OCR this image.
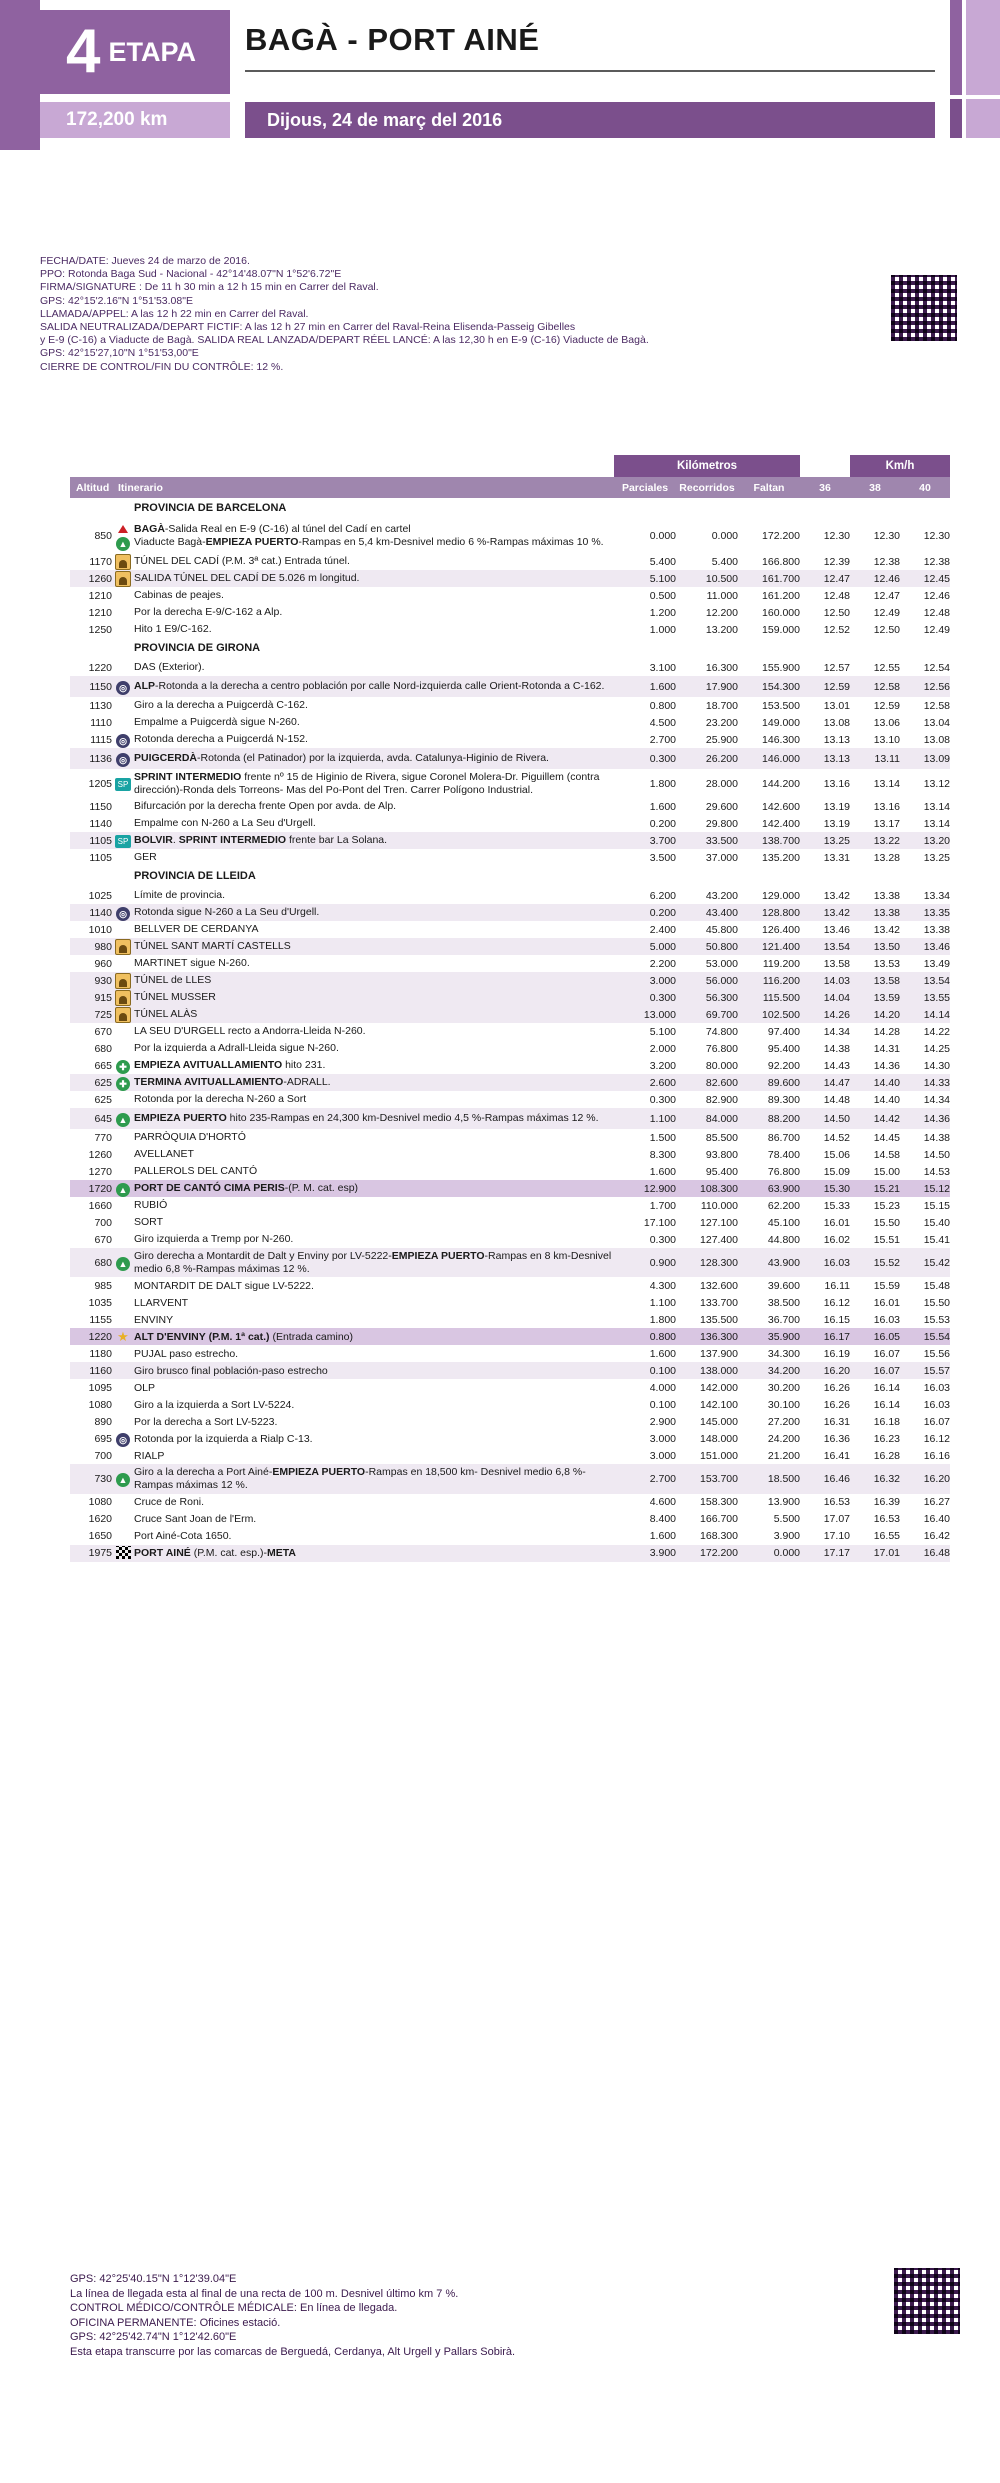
4 ETAPA
172,200 km
BAGÀ - PORT AINÉ
Dijous, 24 de març del 2016
FECHA/DATE: Jueves 24 de marzo de 2016.
PPO: Rotonda Baga Sud - Nacional - 42°14'48.07"N 1°52'6.72"E
FIRMA/SIGNATURE : De 11 h 30 min a 12 h 15 min en Carrer del Raval.
GPS: 42°15'2.16"N 1°51'53.08"E
LLAMADA/APPEL: A las 12 h 22 min en Carrer del Raval.
SALIDA NEUTRALIZADA/DEPART FICTIF: A las 12 h 27 min en Carrer del Raval-Reina Elisenda-Passeig Gibelles
y E-9 (C-16) a Viaducte de Bagà. SALIDA REAL LANZADA/DEPART RÉEL LANCÉ: A las 12,30 h en E-9 (C-16) Viaducte de Bagà.
GPS: 42°15'27,10"N 1°51'53,00"E
CIERRE DE CONTROL/FIN DU CONTRÔLE: 12 %.
			Kilómetros				Km/h	
Altitud	Itinerario		Parciales	Recorridos	Faltan	36	38	40
		PROVINCIA DE BARCELONA						
850	▲	BAGÀ-Salida Real en E-9 (C-16) al túnel del Cadí en cartel
Viaducte Bagà-EMPIEZA PUERTO-Rampas en 5,4 km-Desnivel medio 6 %-Rampas máximas 10 %.	0.000	0.000	172.200	12.30	12.30	12.30
1170		TÚNEL DEL CADÍ (P.M. 3ª cat.) Entrada túnel.	5.400	5.400	166.800	12.39	12.38	12.38
1260		SALIDA TÚNEL DEL CADÍ DE 5.026 m longitud.	5.100	10.500	161.700	12.47	12.46	12.45
1210		Cabinas de peajes.	0.500	11.000	161.200	12.48	12.47	12.46
1210		Por la derecha E-9/C-162 a Alp.	1.200	12.200	160.000	12.50	12.49	12.48
1250		Hito 1 E9/C-162.	1.000	13.200	159.000	12.52	12.50	12.49
		PROVINCIA DE GIRONA						
1220		DAS (Exterior).	3.100	16.300	155.900	12.57	12.55	12.54
1150	◎	ALP-Rotonda a la derecha a centro población por calle Nord-izquierda calle Orient-Rotonda a C-162.	1.600	17.900	154.300	12.59	12.58	12.56
1130		Giro a la derecha a Puigcerdà C-162.	0.800	18.700	153.500	13.01	12.59	12.58
1110		Empalme a Puigcerdà sigue N-260.	4.500	23.200	149.000	13.08	13.06	13.04
1115	◎	Rotonda derecha a Puigcerdá N-152.	2.700	25.900	146.300	13.13	13.10	13.08
1136	◎	PUIGCERDÀ-Rotonda (el Patinador) por la izquierda, avda. Catalunya-Higinio de Rivera.	0.300	26.200	146.000	13.13	13.11	13.09
1205	SP	SPRINT INTERMEDIO frente nº 15 de Higinio de Rivera, sigue Coronel Molera-Dr. Piguillem (contra dirección)-Ronda dels Torreons- Mas del Po-Pont del Tren. Carrer Polígono Industrial.	1.800	28.000	144.200	13.16	13.14	13.12
1150		Bifurcación por la derecha frente Open por avda. de Alp.	1.600	29.600	142.600	13.19	13.16	13.14
1140		Empalme con N-260 a La Seu d'Urgell.	0.200	29.800	142.400	13.19	13.17	13.14
1105	SP	BOLVIR. SPRINT INTERMEDIO frente bar La Solana.	3.700	33.500	138.700	13.25	13.22	13.20
1105		GER	3.500	37.000	135.200	13.31	13.28	13.25
		PROVINCIA DE LLEIDA						
1025		Límite de provincia.	6.200	43.200	129.000	13.42	13.38	13.34
1140	◎	Rotonda sigue N-260 a La Seu d'Urgell.	0.200	43.400	128.800	13.42	13.38	13.35
1010		BELLVER DE CERDANYA	2.400	45.800	126.400	13.46	13.42	13.38
980		TÚNEL SANT MARTÍ CASTELLS	5.000	50.800	121.400	13.54	13.50	13.46
960		MARTINET sigue N-260.	2.200	53.000	119.200	13.58	13.53	13.49
930		TÚNEL de LLES	3.000	56.000	116.200	14.03	13.58	13.54
915		TÚNEL MUSSER	0.300	56.300	115.500	14.04	13.59	13.55
725		TÚNEL ALÀS	13.000	69.700	102.500	14.26	14.20	14.14
670		LA SEU D'URGELL recto a Andorra-Lleida N-260.	5.100	74.800	97.400	14.34	14.28	14.22
680		Por la izquierda a Adrall-Lleida sigue N-260.	2.000	76.800	95.400	14.38	14.31	14.25
665	✚	EMPIEZA AVITUALLAMIENTO hito 231.	3.200	80.000	92.200	14.43	14.36	14.30
625	✚	TERMINA AVITUALLAMIENTO-ADRALL.	2.600	82.600	89.600	14.47	14.40	14.33
625		Rotonda por la derecha N-260 a Sort	0.300	82.900	89.300	14.48	14.40	14.34
645	▲	EMPIEZA PUERTO hito 235-Rampas en 24,300 km-Desnivel medio 4,5 %-Rampas máximas 12 %.	1.100	84.000	88.200	14.50	14.42	14.36
770		PARRÒQUIA D'HORTÓ	1.500	85.500	86.700	14.52	14.45	14.38
1260		AVELLANET	8.300	93.800	78.400	15.06	14.58	14.50
1270		PALLEROLS DEL CANTÓ	1.600	95.400	76.800	15.09	15.00	14.53
1720	▲	PORT DE CANTÓ CIMA PERIS-(P. M. cat. esp)	12.900	108.300	63.900	15.30	15.21	15.12
1660		RUBIÓ	1.700	110.000	62.200	15.33	15.23	15.15
700		SORT	17.100	127.100	45.100	16.01	15.50	15.40
670		Giro izquierda a Tremp por N-260.	0.300	127.400	44.800	16.02	15.51	15.41
680	▲	Giro derecha a Montardit de Dalt y Enviny por LV-5222-EMPIEZA PUERTO-Rampas en 8 km-Desnivel medio 6,8 %-Rampas máximas 12 %.	0.900	128.300	43.900	16.03	15.52	15.42
985		MONTARDIT DE DALT sigue LV-5222.	4.300	132.600	39.600	16.11	15.59	15.48
1035		LLARVENT	1.100	133.700	38.500	16.12	16.01	15.50
1155		ENVINY	1.800	135.500	36.700	16.15	16.03	15.53
1220	★	ALT D'ENVINY (P.M. 1ª cat.) (Entrada camino)	0.800	136.300	35.900	16.17	16.05	15.54
1180		PUJAL paso estrecho.	1.600	137.900	34.300	16.19	16.07	15.56
1160		Giro brusco final población-paso estrecho	0.100	138.000	34.200	16.20	16.07	15.57
1095		OLP	4.000	142.000	30.200	16.26	16.14	16.03
1080		Giro a la izquierda a Sort LV-5224.	0.100	142.100	30.100	16.26	16.14	16.03
890		Por la derecha a Sort LV-5223.	2.900	145.000	27.200	16.31	16.18	16.07
695	◎	Rotonda por la izquierda a Rialp C-13.	3.000	148.000	24.200	16.36	16.23	16.12
700		RIALP	3.000	151.000	21.200	16.41	16.28	16.16
730	▲	Giro a la derecha a Port Ainé-EMPIEZA PUERTO-Rampas en 18,500 km- Desnivel medio 6,8 %-Rampas máximas 12 %.	2.700	153.700	18.500	16.46	16.32	16.20
1080		Cruce de Roni.	4.600	158.300	13.900	16.53	16.39	16.27
1620		Cruce Sant Joan de l'Erm.	8.400	166.700	5.500	17.07	16.53	16.40
1650		Port Ainé-Cota 1650.	1.600	168.300	3.900	17.10	16.55	16.42
1975		PORT AINÉ (P.M. cat. esp.)-META	3.900	172.200	0.000	17.17	17.01	16.48
GPS: 42°25'40.15"N 1°12'39.04"E
La línea de llegada esta al final de una recta de 100 m. Desnivel último km 7 %.
CONTROL MÉDICO/CONTRÔLE MÉDICALE: En línea de llegada.
OFICINA PERMANENTE: Oficines estació.
GPS: 42°25'42.74"N 1°12'42.60"E
Esta etapa transcurre por las comarcas de Berguedá, Cerdanya, Alt Urgell y Pallars Sobirà.
